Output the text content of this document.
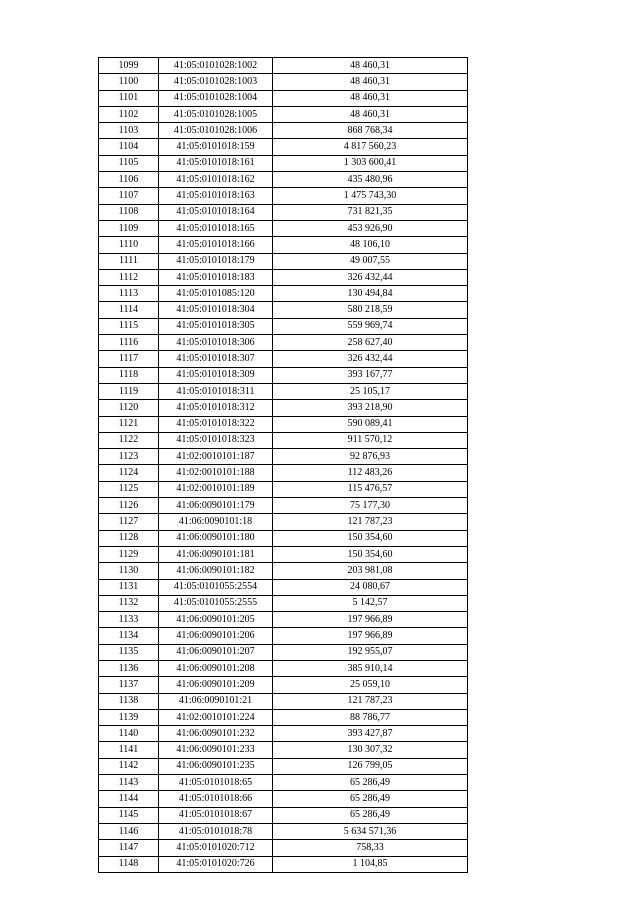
1099	41:05:0101028:1002	48 460,31
1100	41:05:0101028:1003	48 460,31
1101	41:05:0101028:1004	48 460,31
1102	41:05:0101028:1005	48 460,31
1103	41:05:0101028:1006	868 768,34
1104	41:05:0101018:159	4 817 560,23
1105	41:05:0101018:161	1 303 600,41
1106	41:05:0101018:162	435 480,96
1107	41:05:0101018:163	1 475 743,30
1108	41:05:0101018:164	731 821,35
1109	41:05:0101018:165	453 926,90
1110	41:05:0101018:166	48 106,10
1111	41:05:0101018:179	49 007,55
1112	41:05:0101018:183	326 432,44
1113	41:05:0101085:120	130 494,84
1114	41:05:0101018:304	580 218,59
1115	41:05:0101018:305	559 969,74
1116	41:05:0101018:306	258 627,40
1117	41:05:0101018:307	326 432,44
1118	41:05:0101018:309	393 167,77
1119	41:05:0101018:311	25 105,17
1120	41:05:0101018:312	393 218,90
1121	41:05:0101018:322	590 089,41
1122	41:05:0101018:323	911 570,12
1123	41:02:0010101:187	92 876,93
1124	41:02:0010101:188	112 483,26
1125	41:02:0010101:189	115 476,57
1126	41:06:0090101:179	75 177,30
1127	41:06:0090101:18	121 787,23
1128	41:06:0090101:180	150 354,60
1129	41:06:0090101:181	150 354,60
1130	41:06:0090101:182	203 981,08
1131	41:05:0101055:2554	24 080,67
1132	41:05:0101055:2555	5 142,57
1133	41:06:0090101:205	197 966,89
1134	41:06:0090101:206	197 966,89
1135	41:06:0090101:207	192 955,07
1136	41:06:0090101:208	385 910,14
1137	41:06:0090101:209	25 059,10
1138	41:06:0090101:21	121 787,23
1139	41:02:0010101:224	88 786,77
1140	41:06:0090101:232	393 427,87
1141	41:06:0090101:233	130 307,32
1142	41:06:0090101:235	126 799,05
1143	41:05:0101018:65	65 286,49
1144	41:05:0101018:66	65 286,49
1145	41:05:0101018:67	65 286,49
1146	41:05:0101018:78	5 634 571,36
1147	41:05:0101020:712	758,33
1148	41:05:0101020:726	1 104,85
